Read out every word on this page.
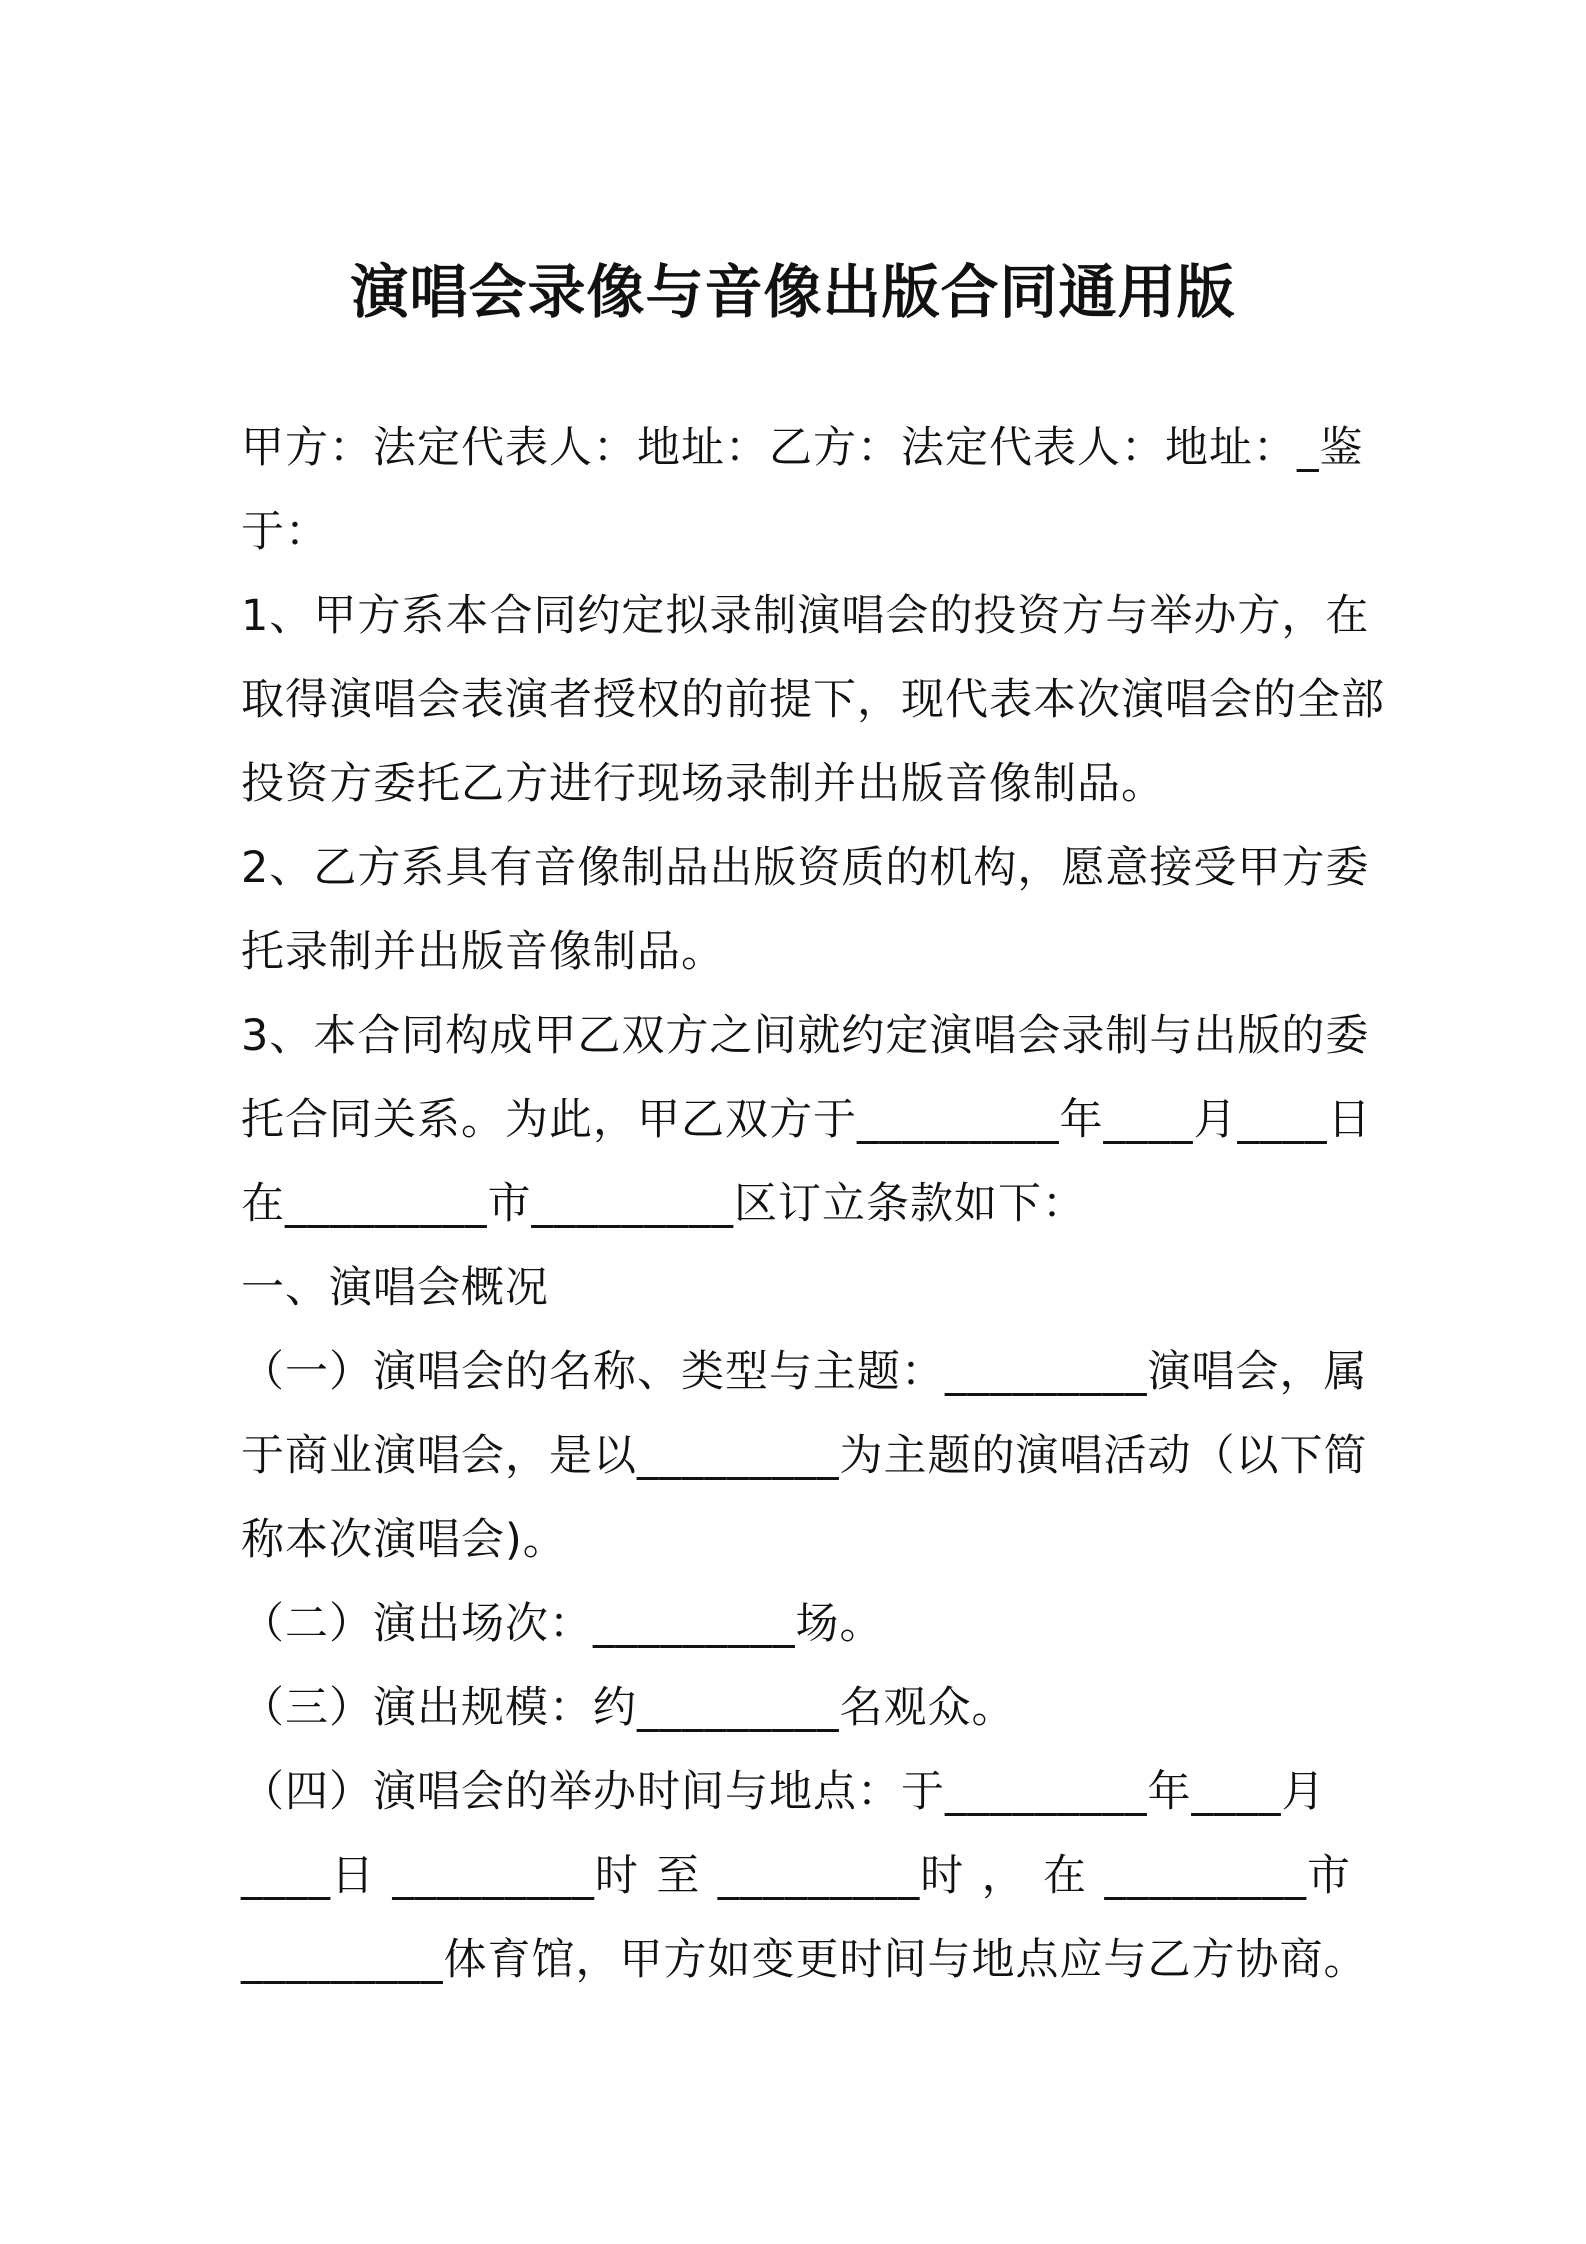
演唱会录像与音像出版合同通用版

甲方：法定代表人：地址：乙方：法定代表人：地址：_鉴

于：

1、甲方系本合同约定拟录制演唱会的投资方与举办方，在

取得演唱会表演者授权的前提下，现代表本次演唱会的全部

投资方委托乙方进行现场录制并出版音像制品。

2、乙方系具有音像制品出版资质的机构，愿意接受甲方委

托录制并出版音像制品。

3、本合同构成甲乙双方之间就约定演唱会录制与出版的委

托合同关系。为此，甲乙双方于_________年____月____日

在_________市_________区订立条款如下：

一、演唱会概况

（一）演唱会的名称、类型与主题：_________演唱会，属

于商业演唱会，是以_________为主题的演唱活动（以下简

称本次演唱会)。

（二）演出场次：_________场。

（三）演出规模：约_________名观众。

（四）演唱会的举办时间与地点：于_________年____月

____日 _________时 至 _________时 ， 在 _________市

_________体育馆，甲方如变更时间与地点应与乙方协商。
